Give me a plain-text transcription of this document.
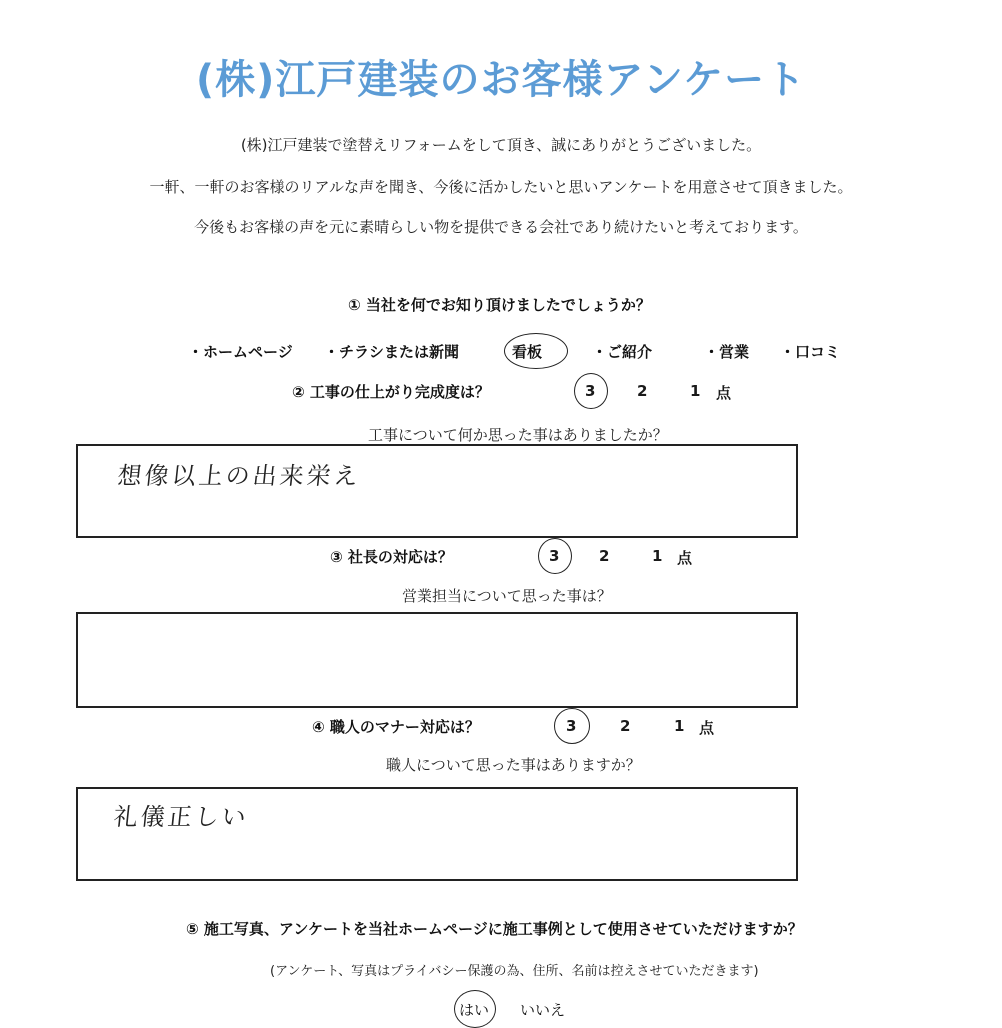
(株)江戸建装のお客様アンケート
(株)江戸建装で塗替えリフォームをして頂き、誠にありがとうございました。
一軒、一軒のお客様のリアルな声を聞き、今後に活かしたいと思いアンケートを用意させて頂きました。
今後もお客様の声を元に素晴らしい物を提供できる会社であり続けたいと考えております。
① 当社を何でお知り頂けましたでしょうか？
・ホームページ ・チラシまたは新聞	看板	・ご紹介	・営業 ・口コミ
② 工事の仕上がり完成度は？	3	2	1 点
工事について何か思った事はありましたか？
想像以上の出来栄え
③ 社長の対応は？	3	2	1 点
営業担当について思った事は？
④ 職人のマナー対応は？	3	2	1 点
職人について思った事はありますか？
礼儀正しい
⑤ 施工写真、アンケートを当社ホームページに施工事例として使用させていただけますか？
(アンケート、写真はプライバシー保護の為、住所、名前は控えさせていただきます)
はい いいえ
